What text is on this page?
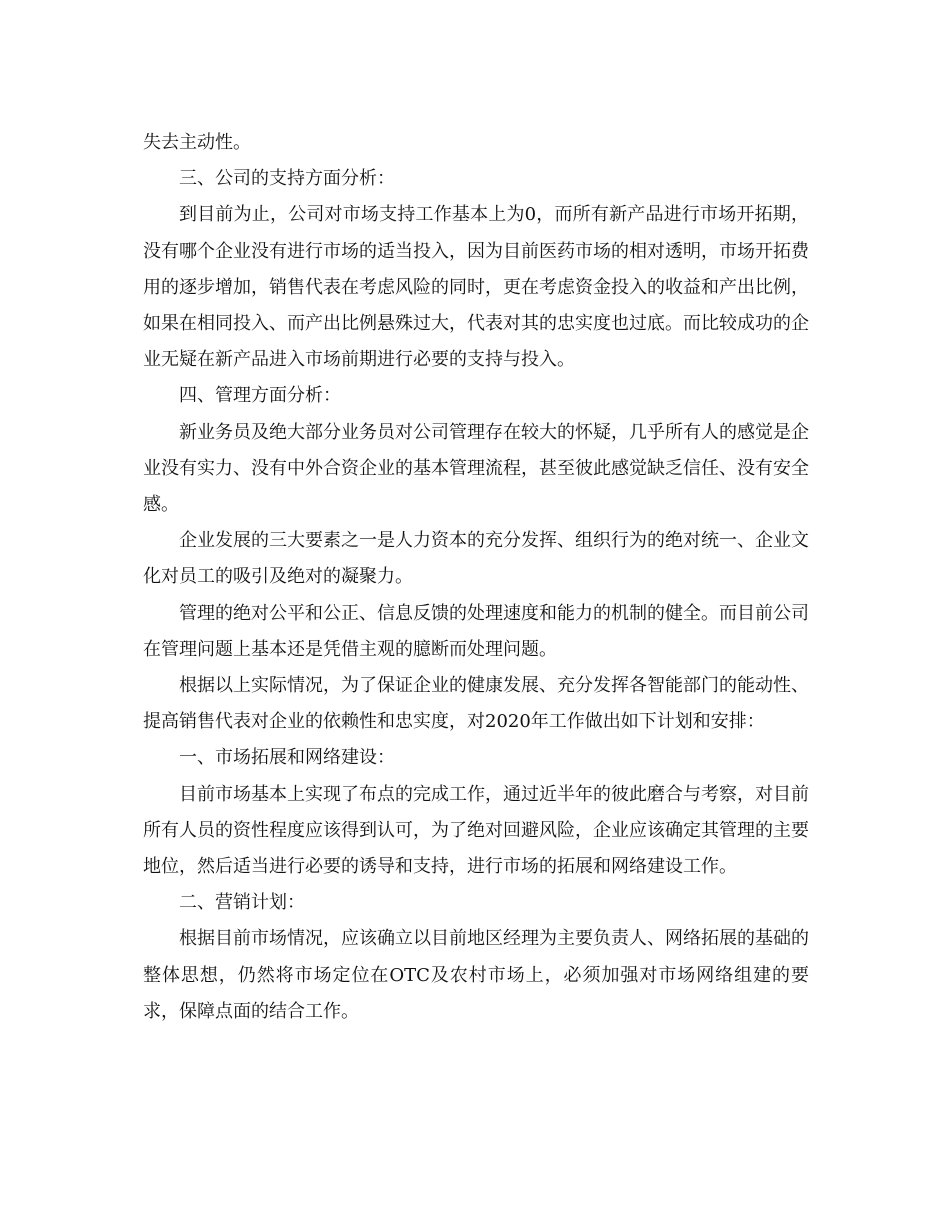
失去主动性。

三、公司的支持方面分析：

到目前为止，公司对市场支持工作基本上为0，而所有新产品进行市场开拓期，没有哪个企业没有进行市场的适当投入，因为目前医药市场的相对透明，市场开拓费用的逐步增加，销售代表在考虑风险的同时，更在考虑资金投入的收益和产出比例，如果在相同投入、而产出比例悬殊过大，代表对其的忠实度也过底。而比较成功的企业无疑在新产品进入市场前期进行必要的支持与投入。

四、管理方面分析：

新业务员及绝大部分业务员对公司管理存在较大的怀疑，几乎所有人的感觉是企业没有实力、没有中外合资企业的基本管理流程，甚至彼此感觉缺乏信任、没有安全感。

企业发展的三大要素之一是人力资本的充分发挥、组织行为的绝对统一、企业文化对员工的吸引及绝对的凝聚力。

管理的绝对公平和公正、信息反馈的处理速度和能力的机制的健全。而目前公司在管理问题上基本还是凭借主观的臆断而处理问题。

根据以上实际情况，为了保证企业的健康发展、充分发挥各智能部门的能动性、提高销售代表对企业的依赖性和忠实度，对2020年工作做出如下计划和安排：

一、市场拓展和网络建设：

目前市场基本上实现了布点的完成工作，通过近半年的彼此磨合与考察，对目前所有人员的资性程度应该得到认可，为了绝对回避风险，企业应该确定其管理的主要地位，然后适当进行必要的诱导和支持，进行市场的拓展和网络建设工作。

二、营销计划：

根据目前市场情况，应该确立以目前地区经理为主要负责人、网络拓展的基础的整体思想，仍然将市场定位在OTC及农村市场上，必须加强对市场网络组建的要求，保障点面的结合工作。
